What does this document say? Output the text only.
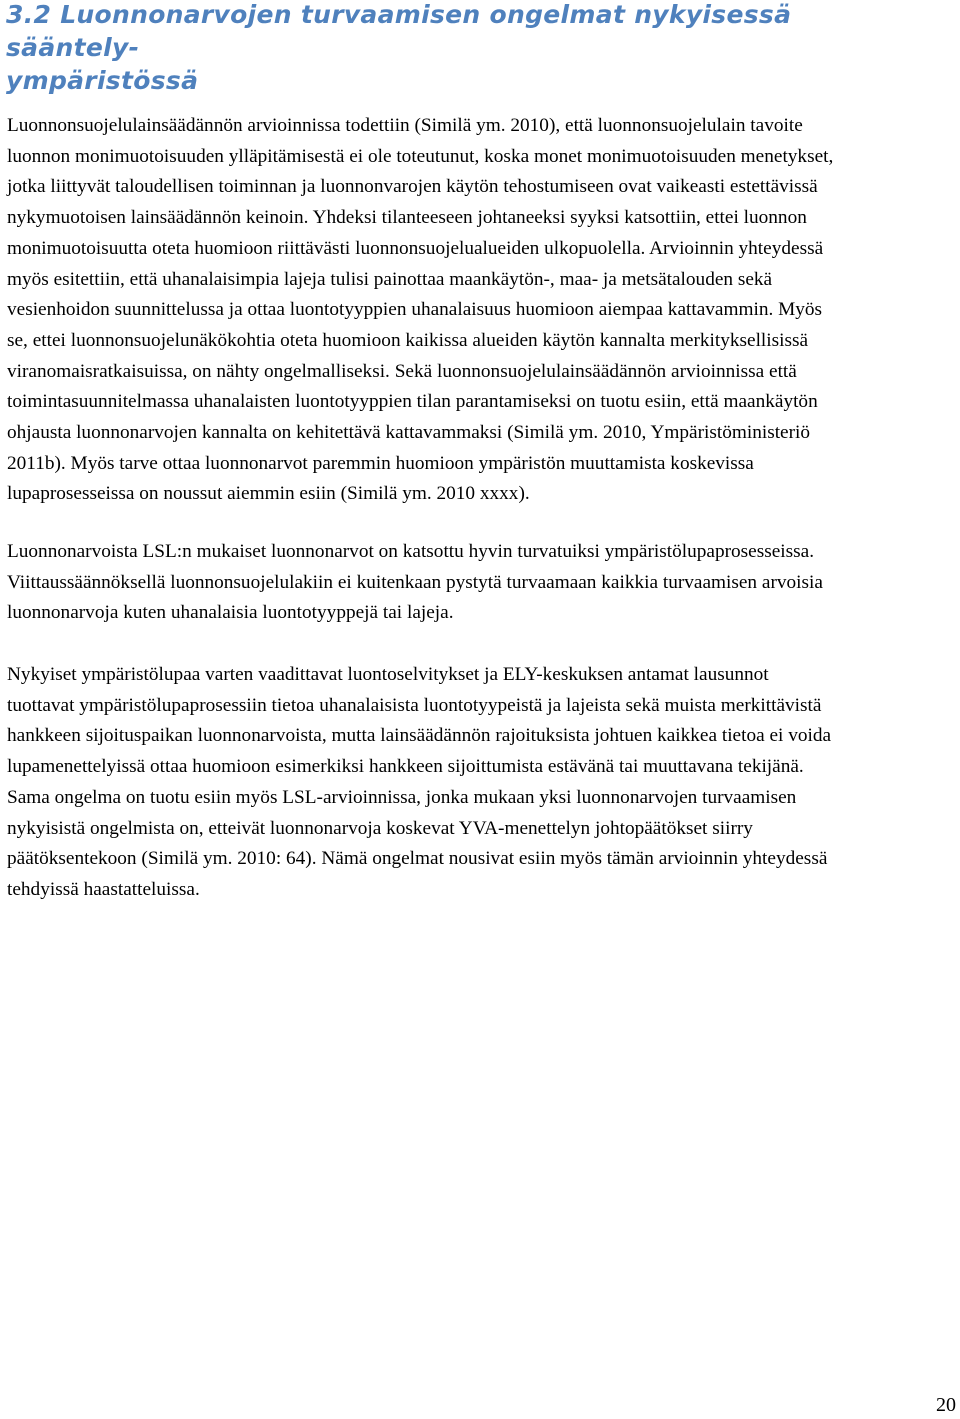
3.2 Luonnonarvojen turvaamisen ongelmat nykyisessä sääntely-
ympäristössä

Luonnonsuojelulainsäädännön arvioinnissa todettiin (Similä ym. 2010), että luonnonsuojelulain tavoite
luonnon monimuotoisuuden ylläpitämisestä ei ole toteutunut, koska monet monimuotoisuuden menetykset,
jotka liittyvät taloudellisen toiminnan ja luonnonvarojen käytön tehostumiseen ovat vaikeasti estettävissä
nykymuotoisen lainsäädännön keinoin. Yhdeksi tilanteeseen johtaneeksi syyksi katsottiin, ettei luonnon
monimuotoisuutta oteta huomioon riittävästi luonnonsuojelualueiden ulkopuolella. Arvioinnin yhteydessä
myös esitettiin, että uhanalaisimpia lajeja tulisi painottaa maankäytön-, maa- ja metsätalouden sekä
vesienhoidon suunnittelussa ja ottaa luontotyyppien uhanalaisuus huomioon aiempaa kattavammin. Myös
se, ettei luonnonsuojelunäkökohtia oteta huomioon kaikissa alueiden käytön kannalta merkityksellisissä
viranomaisratkaisuissa, on nähty ongelmalliseksi. Sekä luonnonsuojelulainsäädännön arvioinnissa että
toimintasuunnitelmassa uhanalaisten luontotyyppien tilan parantamiseksi on tuotu esiin, että maankäytön
ohjausta luonnonarvojen kannalta on kehitettävä kattavammaksi (Similä ym. 2010, Ympäristöministeriö
2011b). Myös tarve ottaa luonnonarvot paremmin huomioon ympäristön muuttamista koskevissa
lupaprosesseissa on noussut aiemmin esiin (Similä ym. 2010 xxxx).

Luonnonarvoista LSL:n mukaiset luonnonarvot on katsottu hyvin turvatuiksi ympäristölupaprosesseissa.
Viittaussäännöksellä luonnonsuojelulakiin ei kuitenkaan pystytä turvaamaan kaikkia turvaamisen arvoisia
luonnonarvoja kuten uhanalaisia luontotyyppejä tai lajeja.

Nykyiset ympäristölupaa varten vaadittavat luontoselvitykset ja ELY-keskuksen antamat lausunnot
tuottavat ympäristölupaprosessiin tietoa uhanalaisista luontotyypeistä ja lajeista sekä muista merkittävistä
hankkeen sijoituspaikan luonnonarvoista, mutta lainsäädännön rajoituksista johtuen kaikkea tietoa ei voida
lupamenettelyissä ottaa huomioon esimerkiksi hankkeen sijoittumista estävänä tai muuttavana tekijänä.
Sama ongelma on tuotu esiin myös LSL-arvioinnissa, jonka mukaan yksi luonnonarvojen turvaamisen
nykyisistä ongelmista on, etteivät luonnonarvoja koskevat YVA-menettelyn johtopäätökset siirry
päätöksentekoon (Similä ym. 2010: 64). Nämä ongelmat nousivat esiin myös tämän arvioinnin yhteydessä
tehdyissä haastatteluissa.

20
